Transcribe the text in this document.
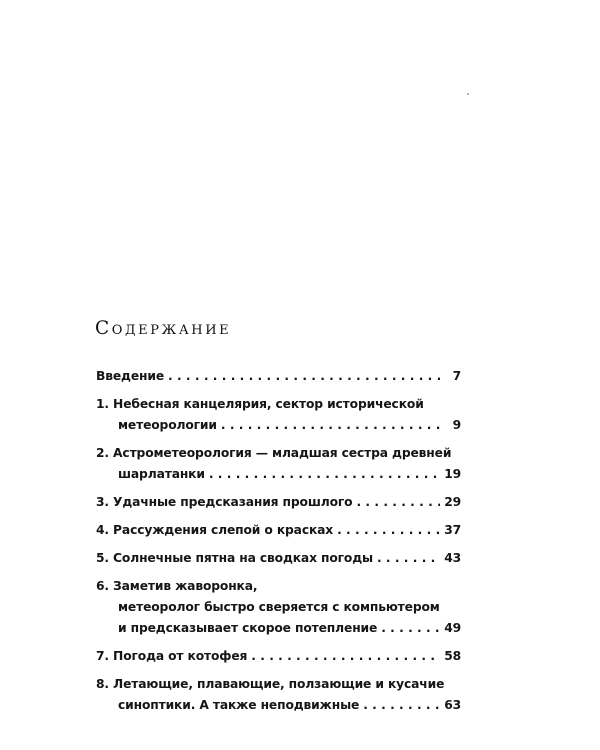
Содержание
Введение . . .	7
1. Небесная канцелярия, сектор исторической
метеорологии . . .	9
2. Астрометеорология — младшая сестра древней
шарлатанки . . .	19
3. Удачные предсказания прошлого . . .	29
4. Рассуждения слепой о красках . . .	37
5. Солнечные пятна на сводках погоды . . .	43
6. Заметив жаворонка,
метеоролог быстро сверяется с компьютером
и предсказывает скорое потепление . . .	49
7. Погода от котофея . . .	58
8. Летающие, плавающие, ползающие и кусачие
синоптики. А также неподвижные . . .	63
